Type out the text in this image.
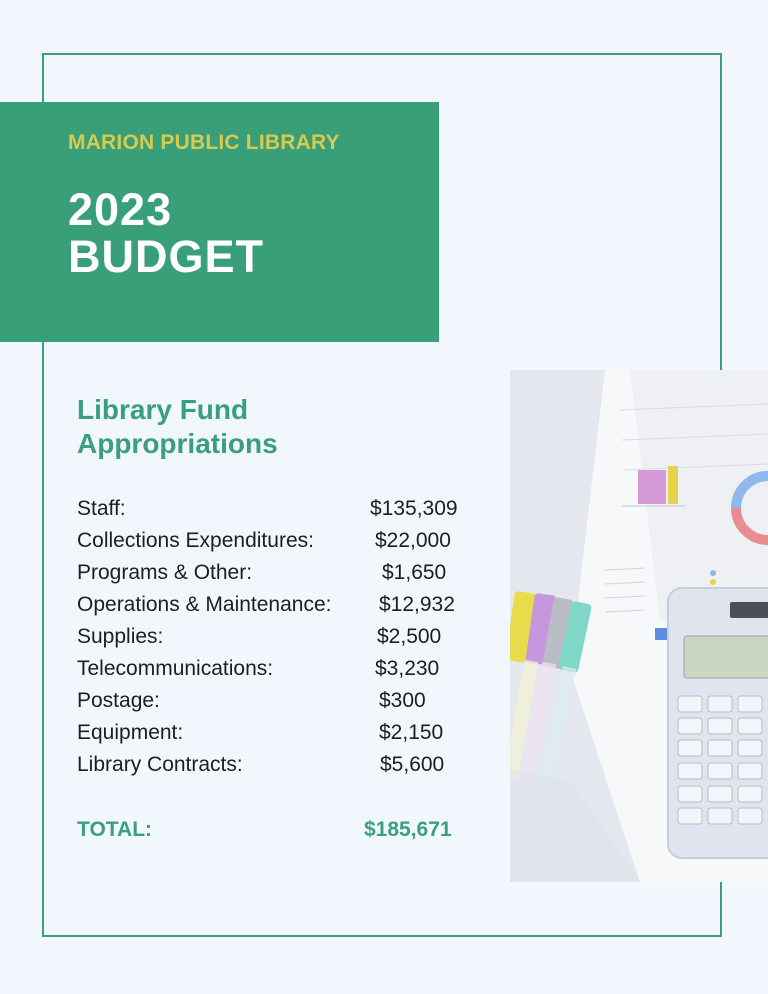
MARION PUBLIC LIBRARY
2023
BUDGET
Library Fund
Appropriations
Staff:	$135,309
Collections Expenditures:	$22,000
Programs & Other:	$1,650
Operations & Maintenance: $12,932
Supplies:	$2,500
Telecommunications:	$3,230
Postage:	$300
Equipment:	$2,150
Library Contracts:	$5,600
TOTAL:	$185,671
